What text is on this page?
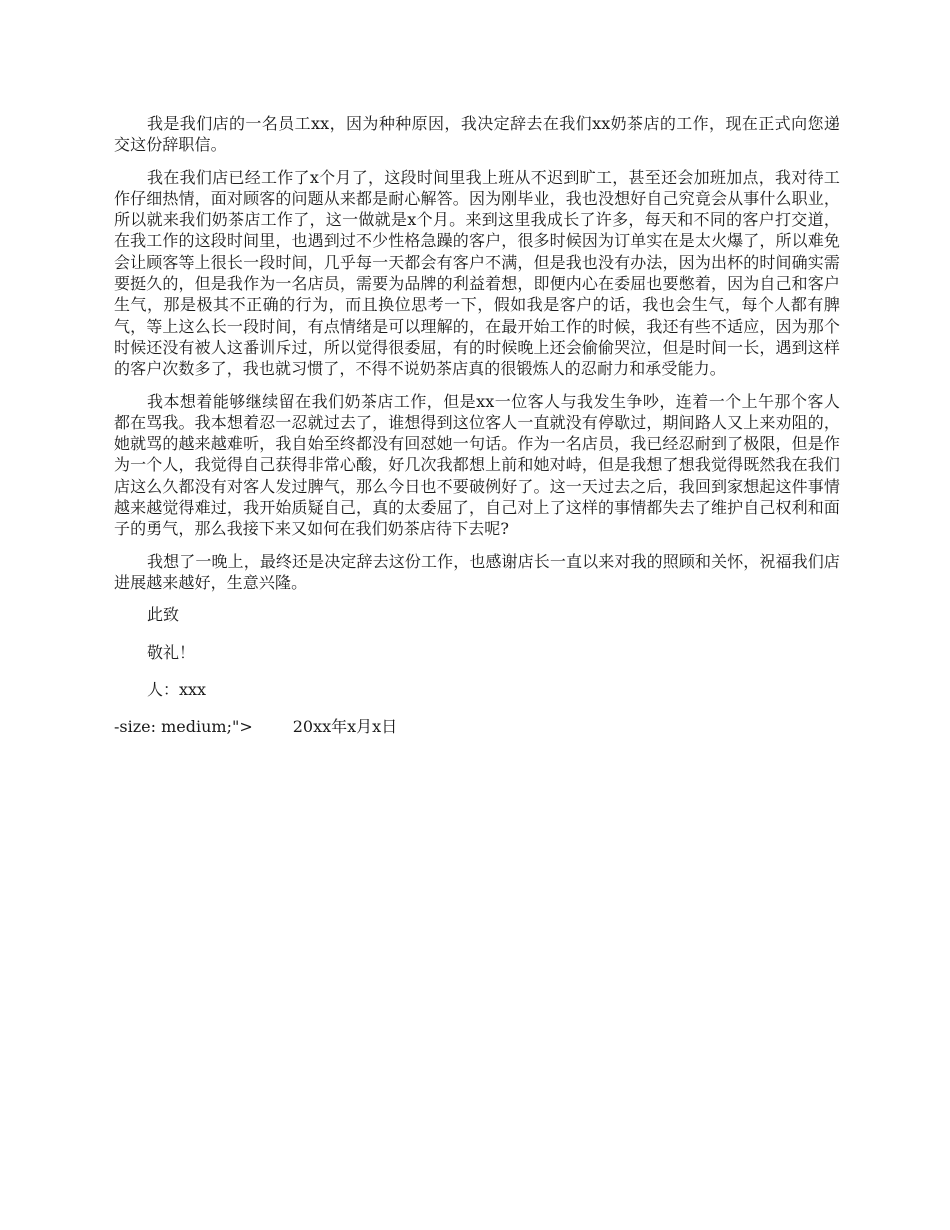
我是我们店的一名员工xx，因为种种原因，我决定辞去在我们xx奶茶店的工作，现在正式向您递交这份辞职信。

我在我们店已经工作了x个月了，这段时间里我上班从不迟到旷工，甚至还会加班加点，我对待工作仔细热情，面对顾客的问题从来都是耐心解答。因为刚毕业，我也没想好自己究竟会从事什么职业，所以就来我们奶茶店工作了，这一做就是x个月。来到这里我成长了许多，每天和不同的客户打交道，在我工作的这段时间里，也遇到过不少性格急躁的客户，很多时候因为订单实在是太火爆了，所以难免会让顾客等上很长一段时间，几乎每一天都会有客户不满，但是我也没有办法，因为出杯的时间确实需要挺久的，但是我作为一名店员，需要为品牌的利益着想，即便内心在委屈也要憋着，因为自己和客户生气，那是极其不正确的行为，而且换位思考一下，假如我是客户的话，我也会生气，每个人都有脾气，等上这么长一段时间，有点情绪是可以理解的，在最开始工作的时候，我还有些不适应，因为那个时候还没有被人这番训斥过，所以觉得很委屈，有的时候晚上还会偷偷哭泣，但是时间一长，遇到这样的客户次数多了，我也就习惯了，不得不说奶茶店真的很锻炼人的忍耐力和承受能力。

我本想着能够继续留在我们奶茶店工作，但是xx一位客人与我发生争吵，连着一个上午那个客人都在骂我。我本想着忍一忍就过去了，谁想得到这位客人一直就没有停歇过，期间路人又上来劝阻的，她就骂的越来越难听，我自始至终都没有回怼她一句话。作为一名店员，我已经忍耐到了极限，但是作为一个人，我觉得自己获得非常心酸，好几次我都想上前和她对峙，但是我想了想我觉得既然我在我们店这么久都没有对客人发过脾气，那么今日也不要破例好了。这一天过去之后，我回到家想起这件事情越来越觉得难过，我开始质疑自己，真的太委屈了，自己对上了这样的事情都失去了维护自己权利和面子的勇气，那么我接下来又如何在我们奶茶店待下去呢?

我想了一晚上，最终还是决定辞去这份工作，也感谢店长一直以来对我的照顾和关怀，祝福我们店进展越来越好，生意兴隆。

此致

敬礼！

人：xxx

-size: medium;">	20xx年x月x日
